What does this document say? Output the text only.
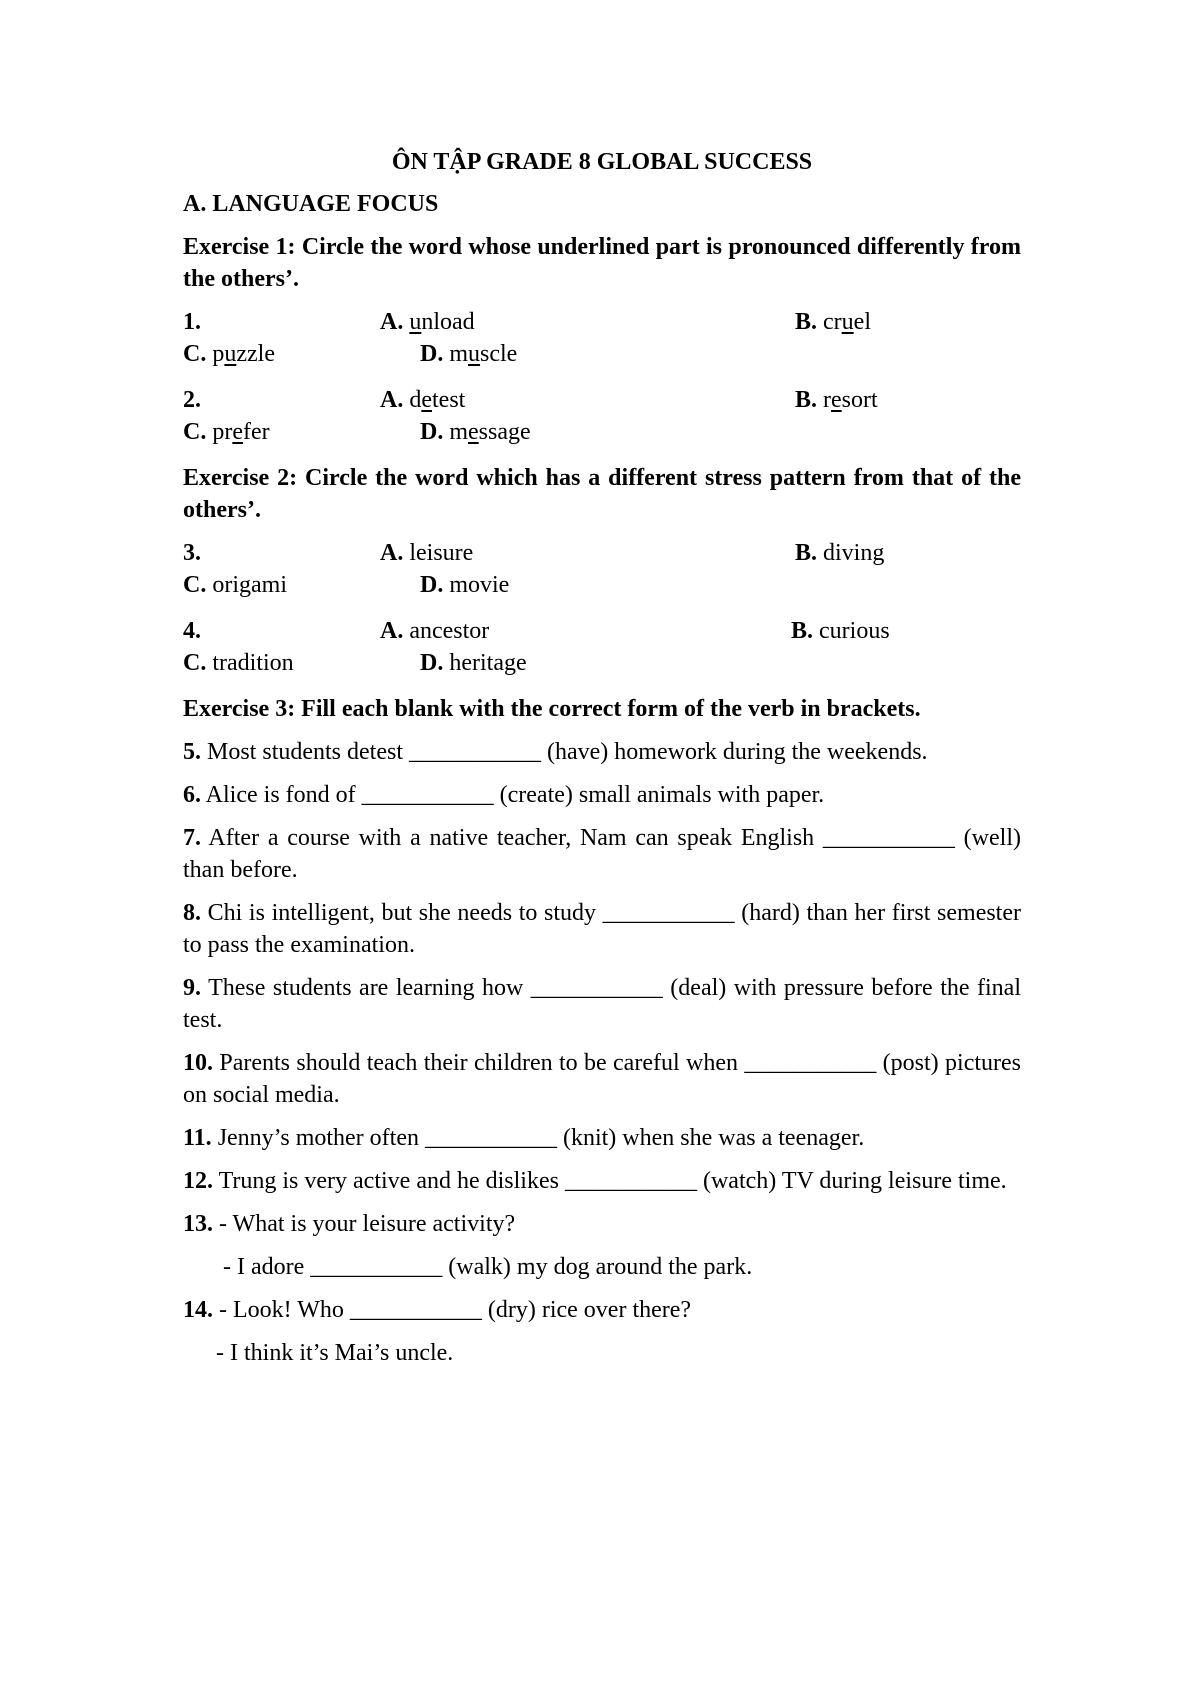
ÔN TẬP GRADE 8 GLOBAL SUCCESS
A. LANGUAGE FOCUS
Exercise 1: Circle the word whose underlined part is pronounced differently from the others’.
1.	A. unload	B. cruel
C. puzzle	D. muscle
2.	A. detest	B. resort
C. prefer	D. message
Exercise 2: Circle the word which has a different stress pattern from that of the others’.
3.	A. leisure	B. diving
C. origami	D. movie
4.	A. ancestor	B. curious
C. tradition	D. heritage
Exercise 3: Fill each blank with the correct form of the verb in brackets.
5. Most students detest ___________ (have) homework during the weekends.
6. Alice is fond of ___________ (create) small animals with paper.
7. After a course with a native teacher, Nam can speak English ___________ (well) than before.
8. Chi is intelligent, but she needs to study ___________ (hard) than her first semester to pass the examination.
9. These students are learning how ___________ (deal) with pressure before the final test.
10. Parents should teach their children to be careful when ___________ (post) pictures on social media.
11. Jenny’s mother often ___________ (knit) when she was a teenager.
12. Trung is very active and he dislikes ___________ (watch) TV during leisure time.
13. - What is your leisure activity?
- I adore ___________ (walk) my dog around the park.
14. - Look! Who ___________ (dry) rice over there?
- I think it’s Mai’s uncle.
